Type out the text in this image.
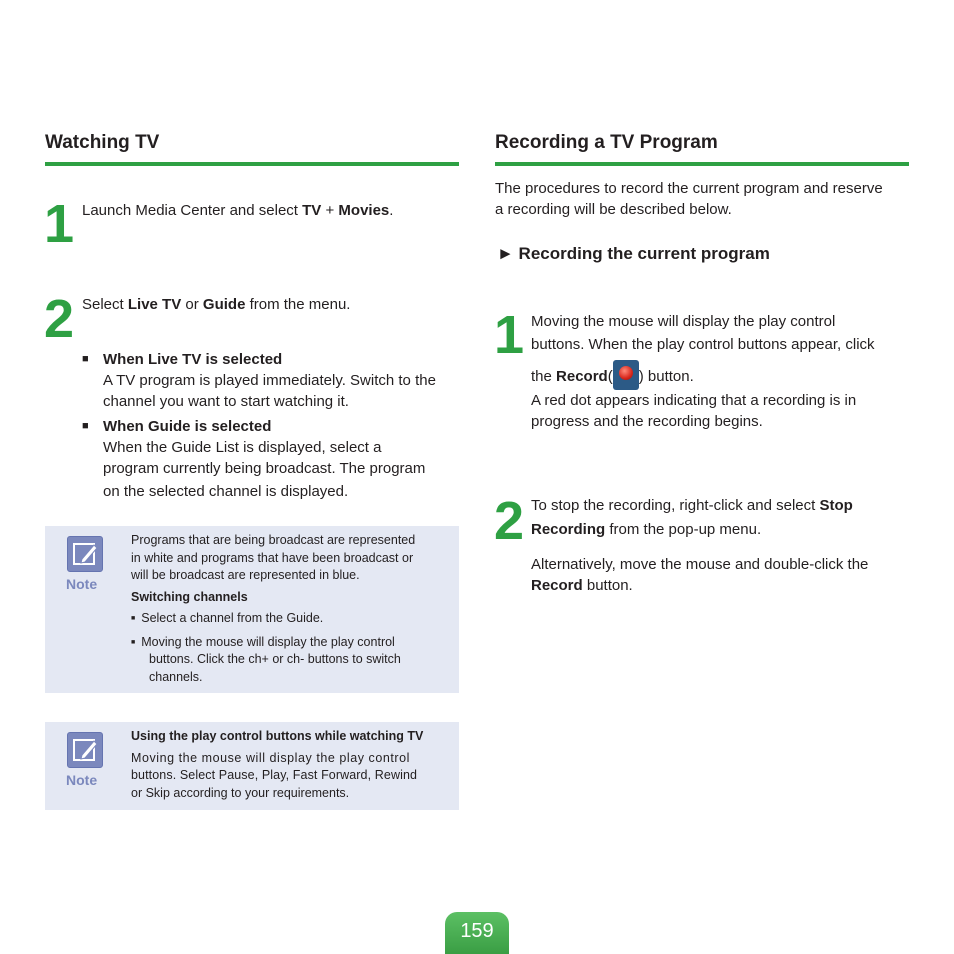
Watching TV
1 Launch Media Center and select TV + Movies.
2 Select Live TV or Guide from the menu.
■ When Live TV is selected
A TV program is played immediately. Switch to the
channel you want to start watching it.
■ When Guide is selected
When the Guide List is displayed, select a
program currently being broadcast. The program
on the selected channel is displayed.
Note
Programs that are being broadcast are represented
in white and programs that have been broadcast or
will be broadcast are represented in blue.
Switching channels
■ Select a channel from the Guide.
■ Moving the mouse will display the play control
buttons. Click the ch+ or ch- buttons to switch
channels.
Note
Using the play control buttons while watching TV
Moving the mouse will display the play control
buttons. Select Pause, Play, Fast Forward, Rewind
or Skip according to your requirements.
Recording a TV Program
The procedures to record the current program and reserve
a recording will be described below.
► Recording the current program
1 Moving the mouse will display the play control
buttons. When the play control buttons appear, click
the Record( ) button.
A red dot appears indicating that a recording is in
progress and the recording begins.
2 To stop the recording, right-click and select Stop
Recording from the pop-up menu.
Alternatively, move the mouse and double-click the
Record button.
159
